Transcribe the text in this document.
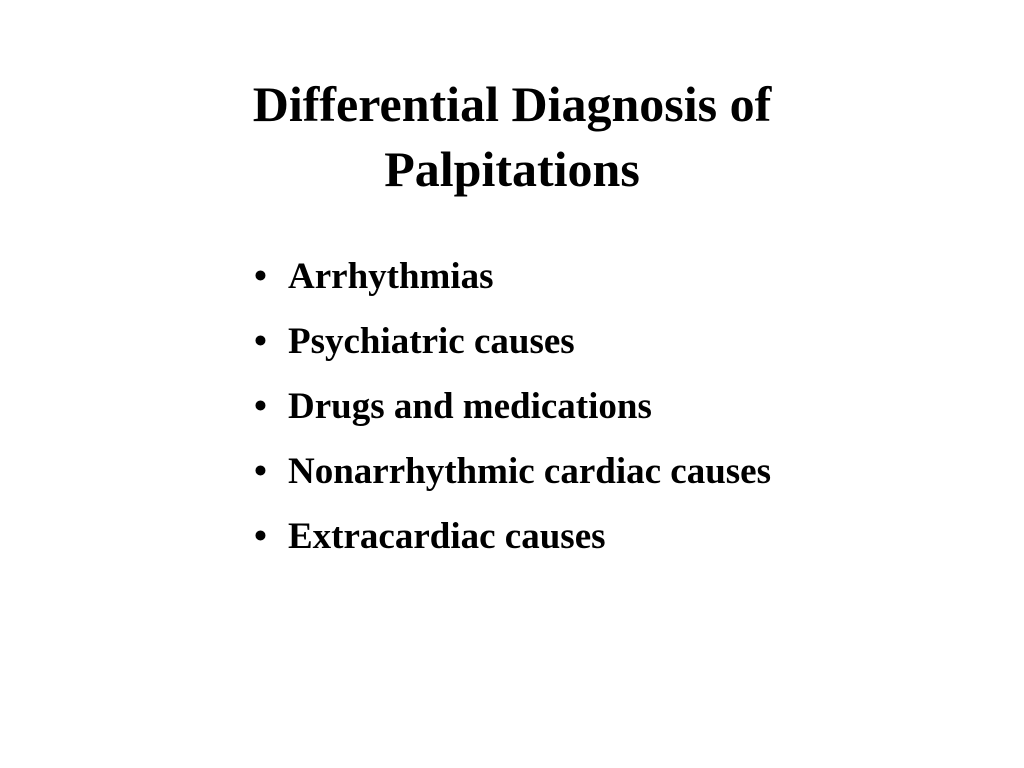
Differential Diagnosis of
Palpitations
• Arrhythmias
• Psychiatric causes
• Drugs and medications
• Nonarrhythmic cardiac causes
• Extracardiac causes
